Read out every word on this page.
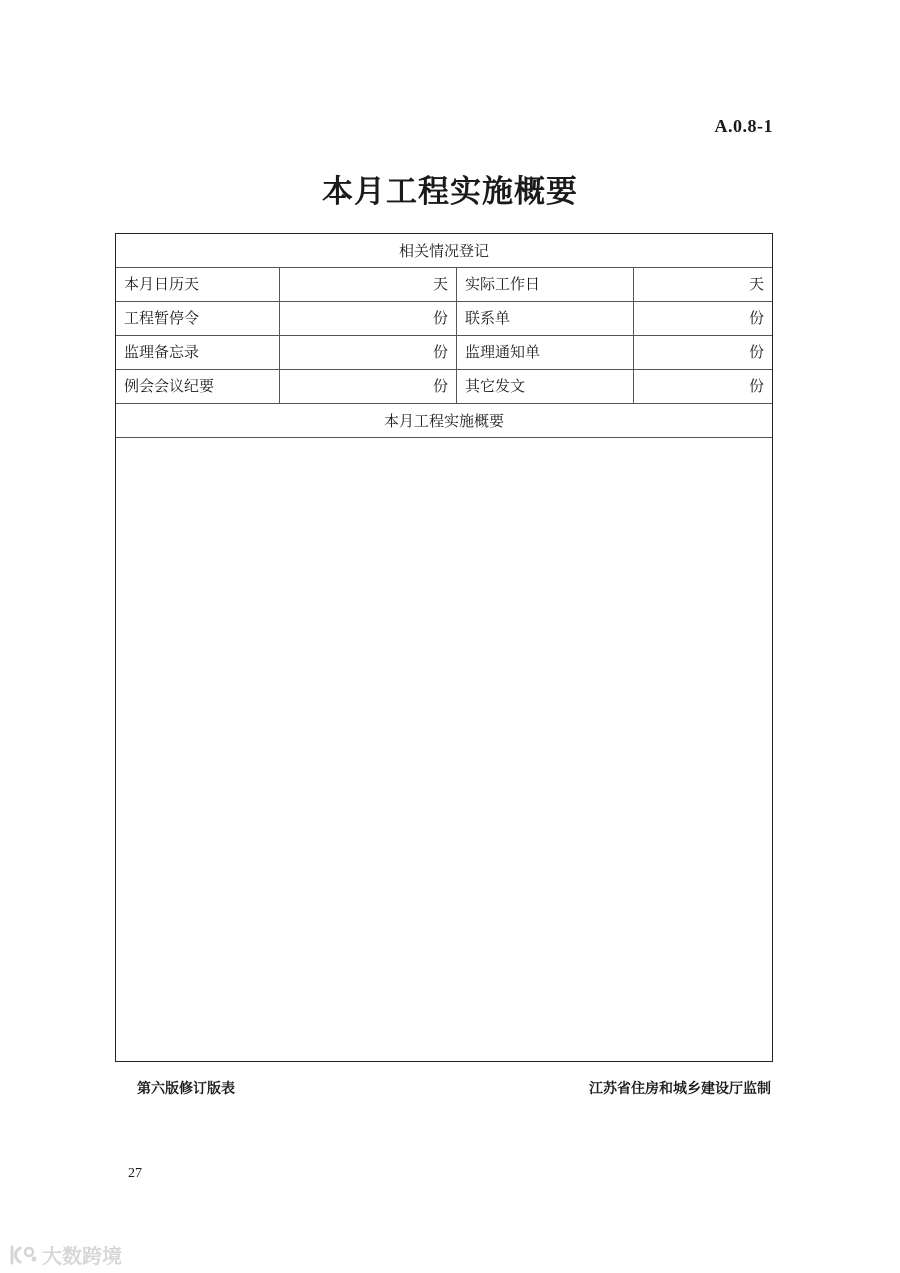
A.0.8-1
本月工程实施概要
相关情况登记
本月日历天	天	实际工作日	天
工程暂停令	份	联系单	份
监理备忘录	份	监理通知单	份
例会会议纪要	份	其它发文	份
本月工程实施概要
第六版修订版表	江苏省住房和城乡建设厅监制
27
大数跨境
